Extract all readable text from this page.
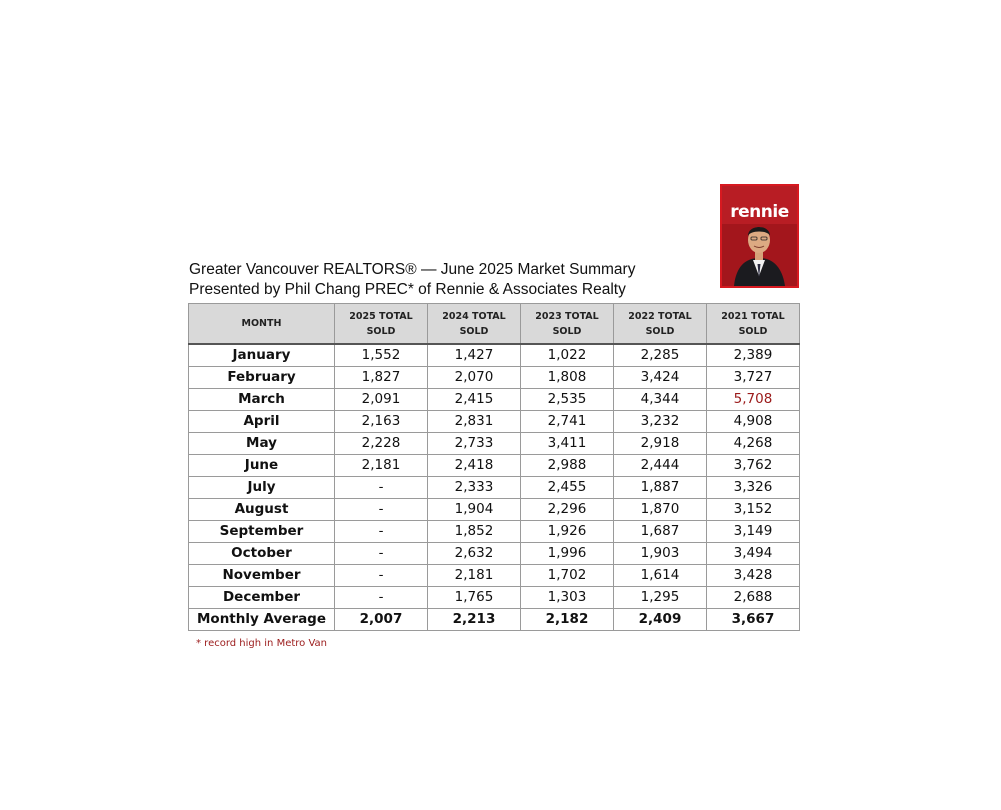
Greater Vancouver REALTORS® — June 2025 Market Summary
Presented by Phil Chang PREC* of Rennie & Associates Realty
rennie
MONTH	2025 TOTAL SOLD	2024 TOTAL SOLD	2023 TOTAL SOLD	2022 TOTAL SOLD	2021 TOTAL SOLD
January	1,552	1,427	1,022	2,285	2,389
February	1,827	2,070	1,808	3,424	3,727
March	2,091	2,415	2,535	4,344	5,708
April	2,163	2,831	2,741	3,232	4,908
May	2,228	2,733	3,411	2,918	4,268
June	2,181	2,418	2,988	2,444	3,762
July	-	2,333	2,455	1,887	3,326
August	-	1,904	2,296	1,870	3,152
September	-	1,852	1,926	1,687	3,149
October	-	2,632	1,996	1,903	3,494
November	-	2,181	1,702	1,614	3,428
December	-	1,765	1,303	1,295	2,688
Monthly Average	2,007	2,213	2,182	2,409	3,667
* record high in Metro Van
